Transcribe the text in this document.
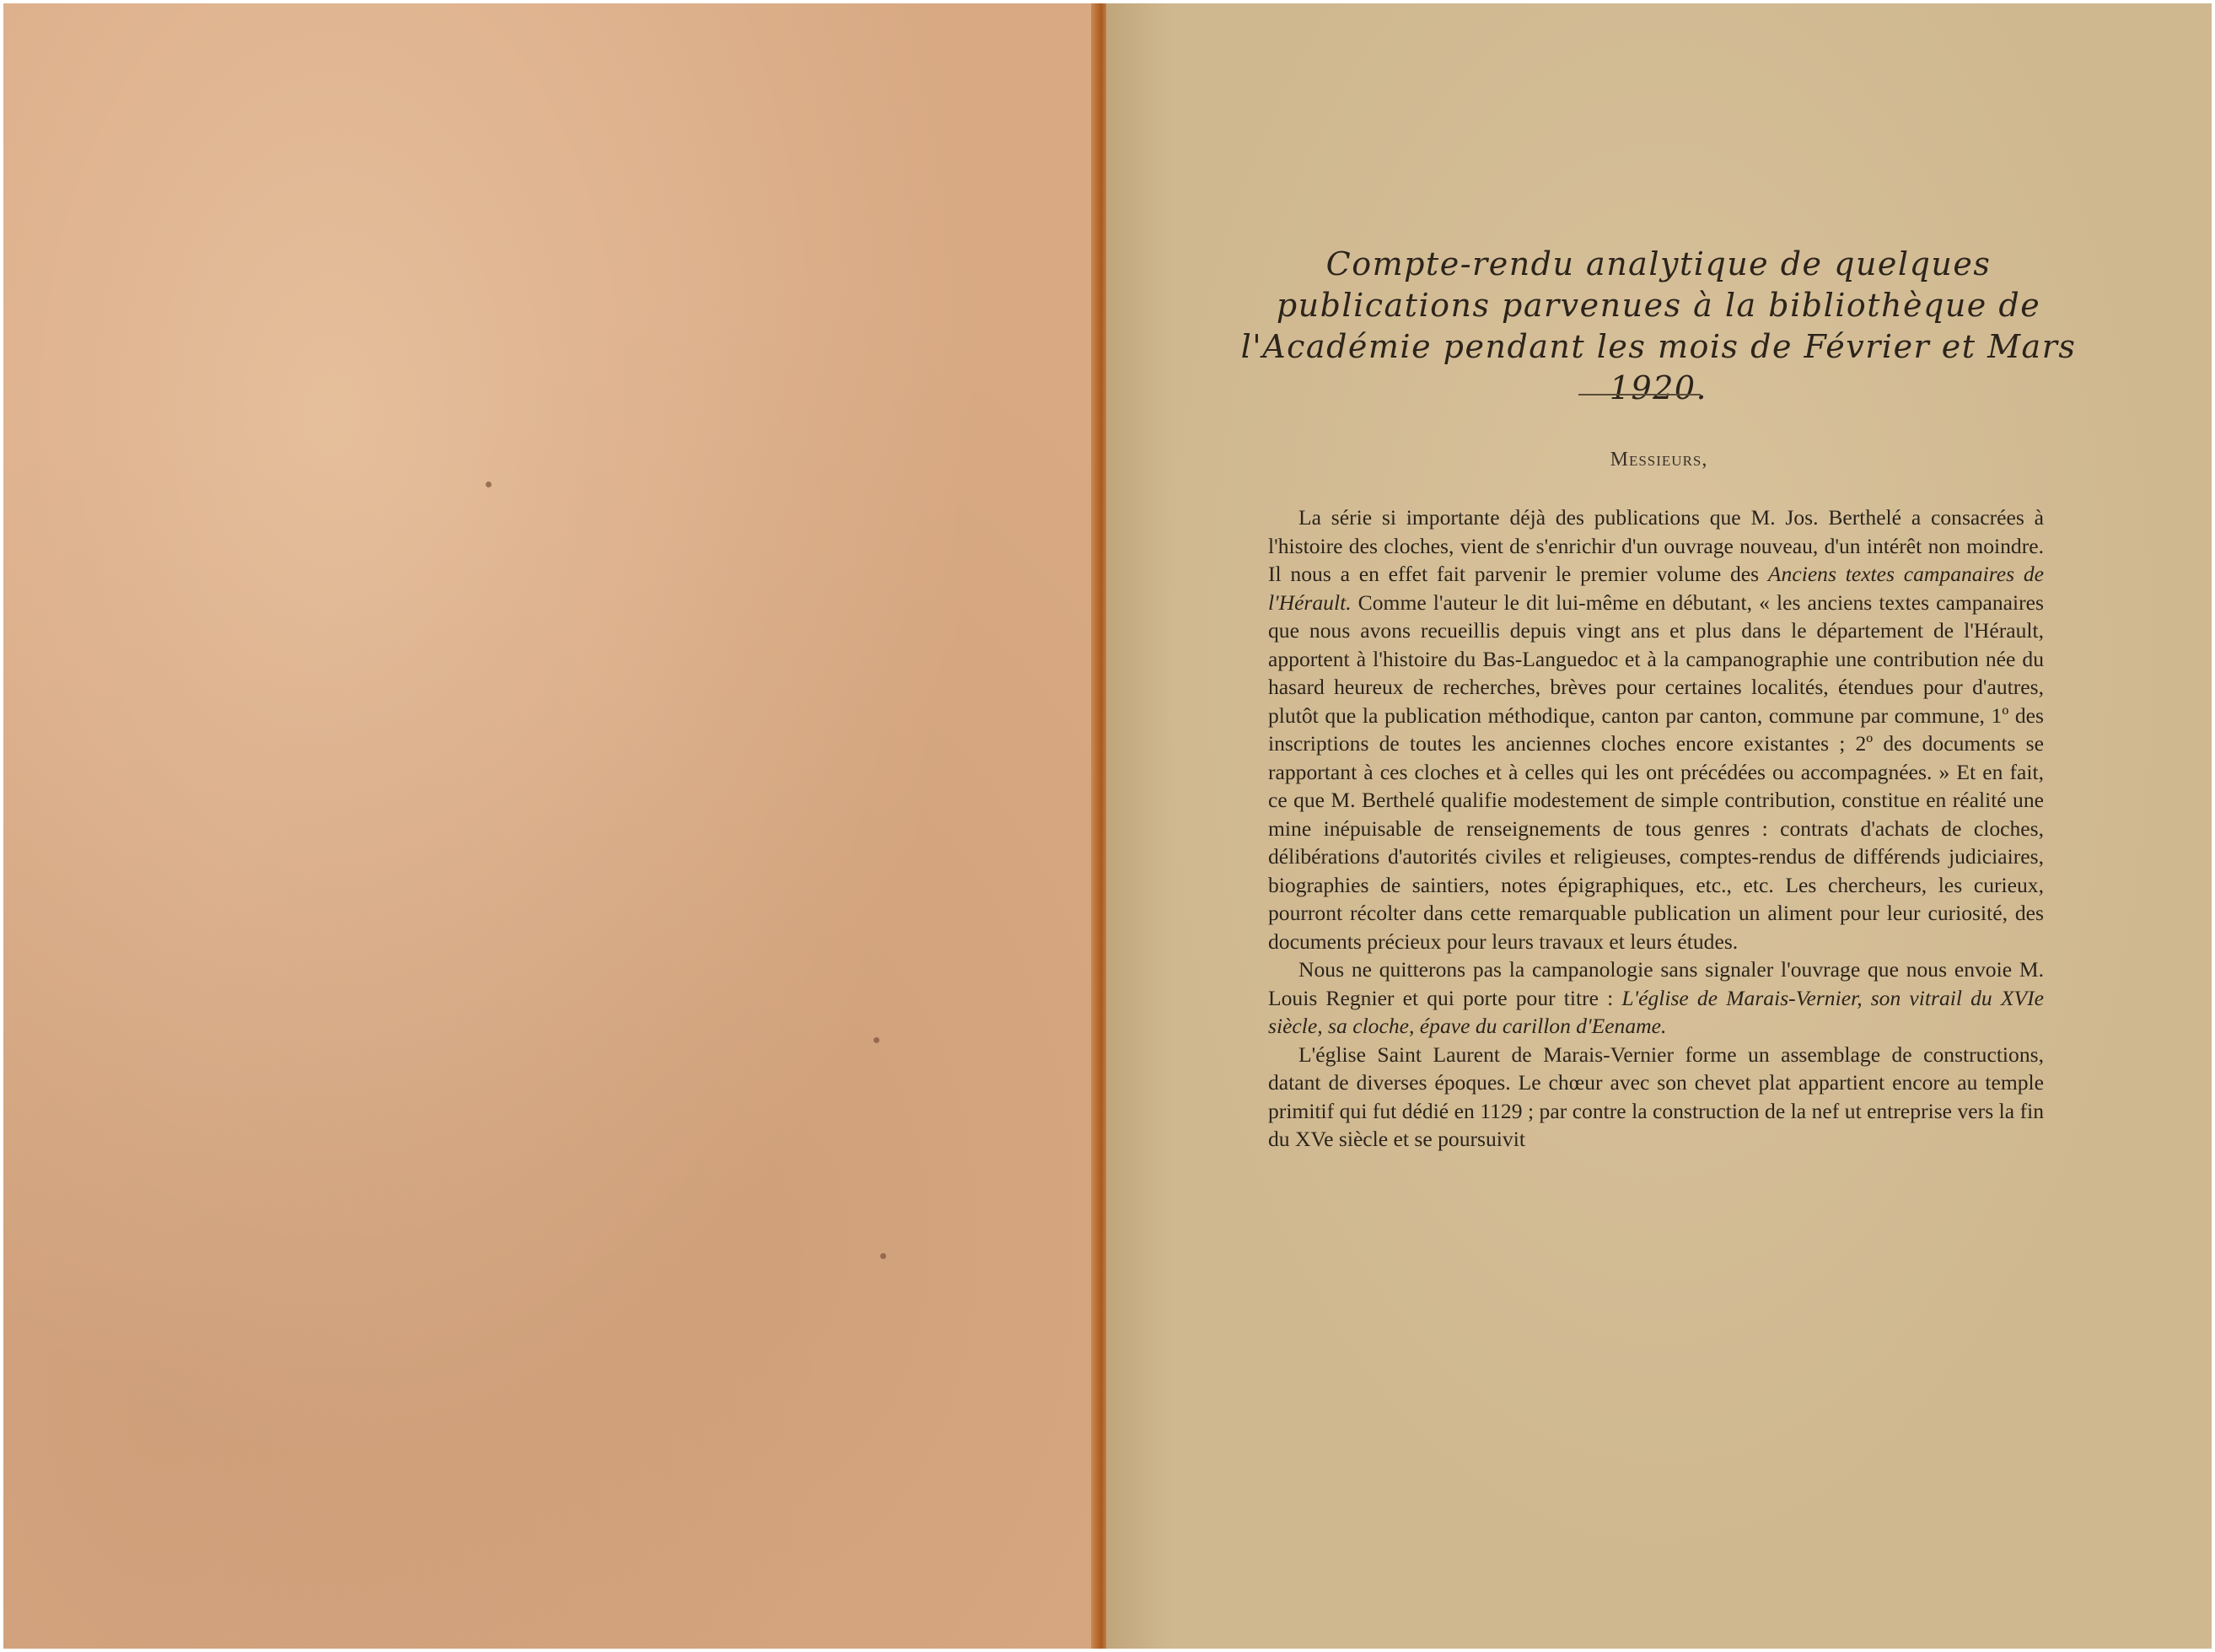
Compte-rendu analytique de quelques publications parvenues à la bibliothèque de l'Académie pendant les mois de Février et Mars 1920.
Messieurs,

La série si importante déjà des publications que M. Jos. Berthelé a consacrées à l'histoire des cloches, vient de s'enrichir d'un ouvrage nouveau, d'un intérêt non moindre. Il nous a en effet fait parvenir le premier volume des Anciens textes campanaires de l'Hérault. Comme l'auteur le dit lui-même en débutant, « les anciens textes campanaires que nous avons recueillis depuis vingt ans et plus dans le département de l'Hérault, apportent à l'histoire du Bas-Languedoc et à la campanographie une contribution née du hasard heureux de recherches, brèves pour certaines localités, étendues pour d'autres, plutôt que la publication méthodique, canton par canton, commune par commune, 1º des inscriptions de toutes les anciennes cloches encore existantes ; 2º des documents se rapportant à ces cloches et à celles qui les ont précédées ou accompagnées. » Et en fait, ce que M. Berthelé qualifie modestement de simple contribution, constitue en réalité une mine inépuisable de renseignements de tous genres : contrats d'achats de cloches, délibérations d'autorités civiles et religieuses, comptes-rendus de différends judiciaires, biographies de saintiers, notes épigraphiques, etc., etc. Les chercheurs, les curieux, pourront récolter dans cette remarquable publication un aliment pour leur curiosité, des documents précieux pour leurs travaux et leurs études.

Nous ne quitterons pas la campanologie sans signaler l'ouvrage que nous envoie M. Louis Regnier et qui porte pour titre : L'église de Marais-Vernier, son vitrail du XVIe siècle, sa cloche, épave du carillon d'Eename.

L'église Saint Laurent de Marais-Vernier forme un assemblage de constructions, datant de diverses époques. Le chœur avec son chevet plat appartient encore au temple primitif qui fut dédié en 1129 ; par contre la construction de la nef ut entreprise vers la fin du XVe siècle et se poursuivit
